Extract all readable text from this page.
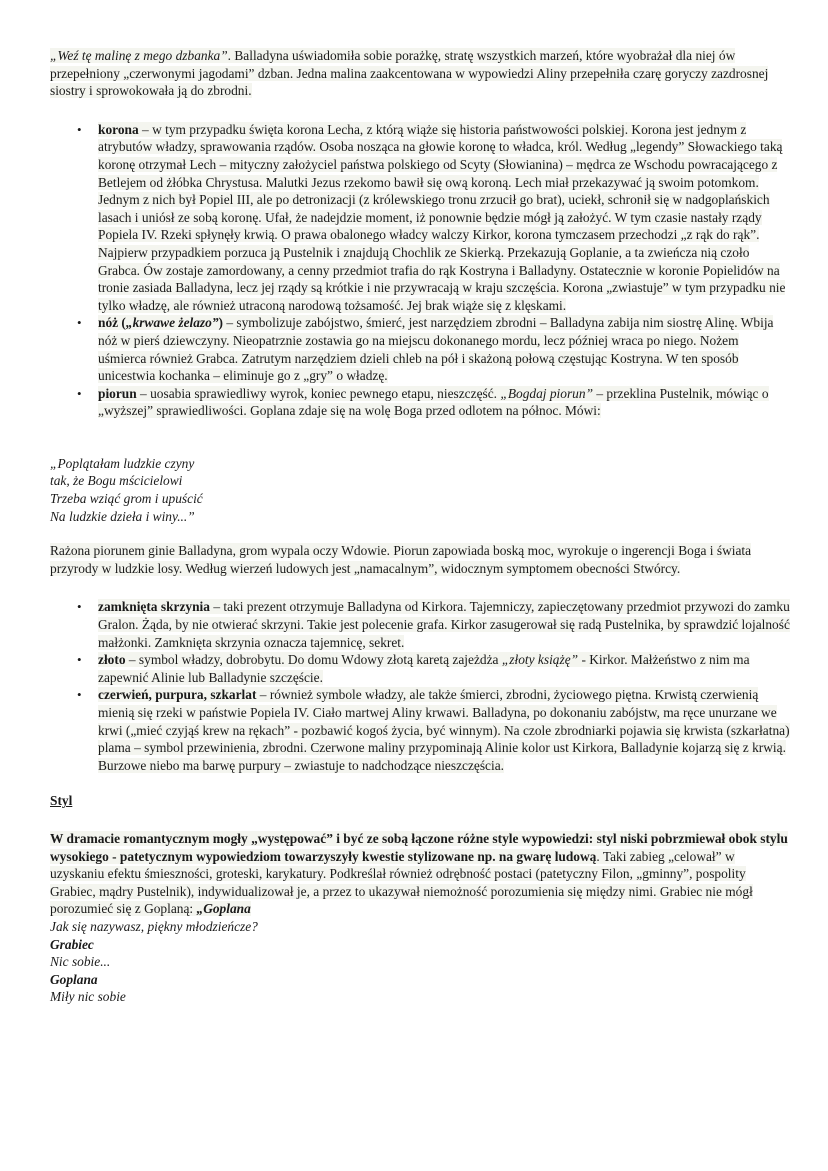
„Weź tę malinę z mego dzbanka”. Balladyna uświadomiła sobie porażkę, stratę wszystkich marzeń, które wyobrażał dla niej ów przepełniony „czerwonymi jagodami” dzban. Jedna malina zaakcentowana w wypowiedzi Aliny przepełniła czarę goryczy zazdrosnej siostry i sprowokowała ją do zbrodni.

• korona – w tym przypadku święta korona Lecha, z którą wiąże się historia państwowości polskiej. Korona jest jednym z atrybutów władzy, sprawowania rządów. Osoba nosząca na głowie koronę to władca, król. Według „legendy” Słowackiego taką koronę otrzymał Lech – mityczny założyciel państwa polskiego od Scyty (Słowianina) – mędrca ze Wschodu powracającego z Betlejem od żłóbka Chrystusa. Malutki Jezus rzekomo bawił się ową koroną. Lech miał przekazywać ją swoim potomkom. Jednym z nich był Popiel III, ale po detronizacji (z królewskiego tronu zrzucił go brat), uciekł, schronił się w nadgoplańskich lasach i uniósł ze sobą koronę. Ufał, że nadejdzie moment, iż ponownie będzie mógł ją założyć. W tym czasie nastały rządy Popiela IV. Rzeki spłynęły krwią. O prawa obalonego władcy walczy Kirkor, korona tymczasem przechodzi „z rąk do rąk”. Najpierw przypadkiem porzuca ją Pustelnik i znajdują Chochlik ze Skierką. Przekazują Goplanie, a ta zwieńcza nią czoło Grabca. Ów zostaje zamordowany, a cenny przedmiot trafia do rąk Kostryna i Balladyny. Ostatecznie w koronie Popielidów na tronie zasiada Balladyna, lecz jej rządy są krótkie i nie przywracają w kraju szczęścia. Korona „zwiastuje” w tym przypadku nie tylko władzę, ale również utraconą narodową tożsamość. Jej brak wiąże się z klęskami.
• nóż („krwawe żelazo”) – symbolizuje zabójstwo, śmierć, jest narzędziem zbrodni – Balladyna zabija nim siostrę Alinę. Wbija nóż w pierś dziewczyny. Nieopatrznie zostawia go na miejscu dokonanego mordu, lecz później wraca po niego. Nożem uśmierca również Grabca. Zatrutym narzędziem dzieli chleb na pół i skażoną połową częstując Kostryna. W ten sposób unicestwia kochanka – eliminuje go z „gry” o władzę.
• piorun – uosabia sprawiedliwy wyrok, koniec pewnego etapu, nieszczęść. „Bogdaj piorun” – przeklina Pustelnik, mówiąc o „wyższej” sprawiedliwości. Goplana zdaje się na wolę Boga przed odlotem na północ. Mówi:
„Poplątałam ludzkie czyny
tak, że Bogu mścicielowi
Trzeba wziąć grom i upuścić
Na ludzkie dzieła i winy...”

Rażona piorunem ginie Balladyna, grom wypala oczy Wdowie. Piorun zapowiada boską moc, wyrokuje o ingerencji Boga i świata przyrody w ludzkie losy. Według wierzeń ludowych jest „namacalnym”, widocznym symptomem obecności Stwórcy.

• zamknięta skrzynia – taki prezent otrzymuje Balladyna od Kirkora. Tajemniczy, zapieczętowany przedmiot przywozi do zamku Gralon. Żąda, by nie otwierać skrzyni. Takie jest polecenie grafa. Kirkor zasugerował się radą Pustelnika, by sprawdzić lojalność małżonki. Zamknięta skrzynia oznacza tajemnicę, sekret.
• złoto – symbol władzy, dobrobytu. Do domu Wdowy złotą karetą zajeżdża „złoty książę” - Kirkor. Małżeństwo z nim ma zapewnić Alinie lub Balladynie szczęście.
• czerwień, purpura, szkarlat – również symbole władzy, ale także śmierci, zbrodni, życiowego piętna. Krwistą czerwienią mienią się rzeki w państwie Popiela IV. Ciało martwej Aliny krwawi. Balladyna, po dokonaniu zabójstw, ma ręce unurzane we krwi („mieć czyjąś krew na rękach” - pozbawić kogoś życia, być winnym). Na czole zbrodniarki pojawia się krwista (szkarłatna) plama – symbol przewinienia, zbrodni. Czerwone maliny przypominają Alinie kolor ust Kirkora, Balladynie kojarzą się z krwią. Burzowe niebo ma barwę purpury – zwiastuje to nadchodzące nieszczęścia.

Styl

W dramacie romantycznym mogły „występować” i być ze sobą łączone różne style wypowiedzi: styl niski pobrzmiewał obok stylu wysokiego - patetycznym wypowiedziom towarzyszyły kwestie stylizowane np. na gwarę ludową. Taki zabieg „celował” w uzyskaniu efektu śmieszności, groteski, karykatury. Podkreślał również odrębność postaci (patetyczny Filon, „gminny”, pospolity Grabiec, mądry Pustelnik), indywidualizował je, a przez to ukazywał niemożność porozumienia się między nimi. Grabiec nie mógł porozumieć się z Goplaną: „Goplana

Jak się nazywasz, piękny młodzieńcze?
Grabiec
Nic sobie...
Goplana
Miły nic sobie
